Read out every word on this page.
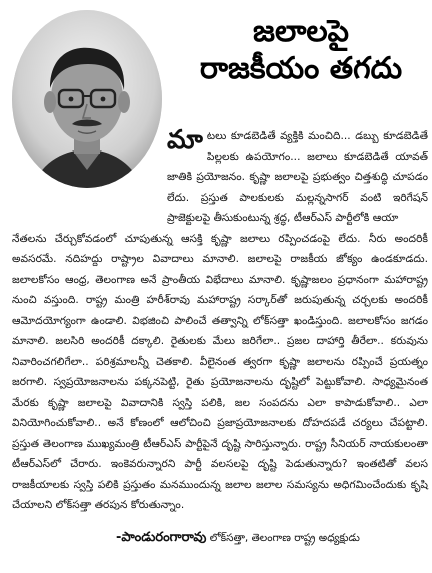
జలాలపై
రాజకీయం తగదు
మాటలు కూడబెడితే వ్యక్తికి మంచిది... డబ్బు కూడబెడితే పిల్లలకు ఉపయోగం... జలాలు కూడబెడితే యావత్‌ జాతికి ప్రయోజనం. కృష్ణా జలాలపై ప్రభుత్వం చిత్తశుద్ధి చూపడం లేదు. ప్రస్తుత పాలకులకు మల్లన్నసాగర్‌ వంటి ఇరిగేషన్‌ ప్రాజెక్టులపై తీసుకుంటున్న శ్రద్ధ, టీఆర్‌ఎస్‌ పార్టీలోకి ఆయా
నేతలను చేర్చుకోవడంలో చూపుతున్న ఆసక్తి కృష్ణా జలాలు రప్పించడంపై లేదు. నీరు అందరికీ అవసరమే. నదిహద్దు రాష్ట్రాల వివాదాలు మానాలి. జలాలపై రాజకీయ జోక్యం ఉండకూడదు. జలాలకోసం ఆంధ్ర, తెలంగాణ అనే ప్రాంతీయ విభేదాలు మానాలి. కృష్ణాజలం ప్రధానంగా మహారాష్ట్ర నుంచి వస్తుంది. రాష్ట్ర మంత్రి హరీశ్‌రావు మహారాష్ట్ర సర్కార్‌తో జరుపుతున్న చర్చలకు అందరికీ ఆమోదయోగ్యంగా ఉండాలి. విభజించి పాలించే తత్వాన్ని లోక్‌సత్తా ఖండిస్తుంది. జలాలకోసం జగడం మానాలి. జలసిరి అందరికీ దక్కాలి. రైతులకు మేలు జరిగేలా.. ప్రజల దాహార్తి తీరేలా.. కరువును నివారించగలిగేలా.. పరిశ్రమాలన్నీ చెతకాలి. వీలైనంత త్వరగా కృష్ణా జలాలను రప్పించే ప్రయత్నం జరగాలి. స్వప్రయోజనాలను పక్కనపెట్టి, రైతు ప్రయోజనాలను దృష్టిలో పెట్టుకోవాలి. సాధ్యమైనంత మేరకు కృష్ణా జలాలపై వివాదానికి స్వస్తి పలికి, జల సంపదను ఎలా కాపాడుకోవాలి.. ఎలా వినియోగించుకోవాలి.. అనే కోణంలో ఆలోచించి ప్రజాప్రయోజనాలకు దోహదపడే చర్యలు చేపట్టాలి. ప్రస్తుత తెలంగాణ ముఖ్యమంత్రి టీఆర్‌ఎస్‌ పార్టీపైనే దృష్టి సారిస్తున్నారు. రాష్ట్ర సీనియర్‌ నాయకులంతా టీఆర్‌ఎస్‌లో చేరారు. ఇంకెవరున్నారని పార్టీ వలసలపై దృష్టి పెడుతున్నారు? ఇంతటితో వలస రాజకీయాలకు స్వస్తి పలికి ప్రస్తుతం మనముందున్న జలాల జలాల సమస్యను అధిగమించేందుకు కృషి చేయాలని లోక్‌సత్తా తరపున కోరుతున్నాం.
-పాండురంగారావు లోక్‌సత్తా, తెలంగాణ రాష్ట్ర అధ్యక్షుడు
